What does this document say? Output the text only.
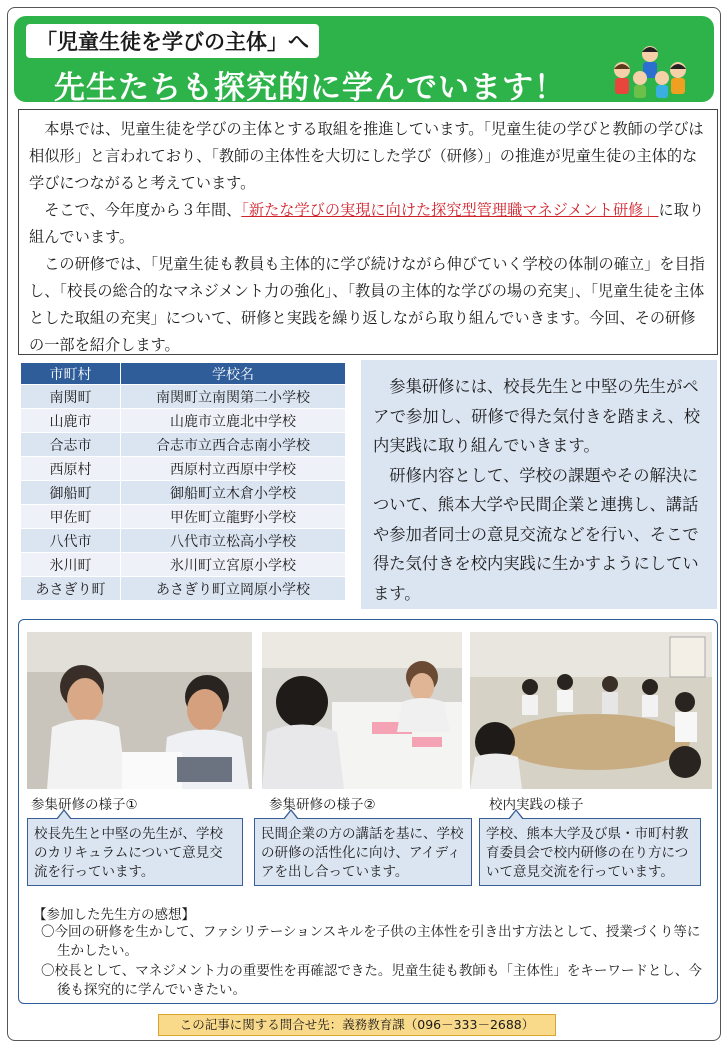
「児童生徒を学びの主体」へ
先生たちも探究的に学んでいます！

本県では、児童生徒を学びの主体とする取組を推進しています。「児童生徒の学びと教師の学びは相似形」と言われており、「教師の主体性を大切にした学び（研修）」の推進が児童生徒の主体的な学びにつながると考えています。

そこで、今年度から３年間、「新たな学びの実現に向けた探究型管理職マネジメント研修」に取り組んでいます。

この研修では、「児童生徒も教員も主体的に学び続けながら伸びていく学校の体制の確立」を目指し、「校長の総合的なマネジメント力の強化」、「教員の主体的な学びの場の充実」、「児童生徒を主体とした取組の充実」について、研修と実践を繰り返しながら取り組んでいきます。今回、その研修の一部を紹介します。

市町村	学校名
南関町	南関町立南関第二小学校
山鹿市	山鹿市立鹿北中学校
合志市	合志市立西合志南小学校
西原村	西原村立西原中学校
御船町	御船町立木倉小学校
甲佐町	甲佐町立龍野小学校
八代市	八代市立松高小学校
氷川町	氷川町立宮原小学校
あさぎり町	あさぎり町立岡原小学校

参集研修には、校長先生と中堅の先生がペアで参加し、研修で得た気付きを踏まえ、校内実践に取り組んでいきます。

研修内容として、学校の課題やその解決について、熊本大学や民間企業と連携し、講話や参加者同士の意見交流などを行い、そこで得た気付きを校内実践に生かすようにしています。

参集研修の様子①	参集研修の様子②	校内実践の様子
校長先生と中堅の先生が、学校のカリキュラムについて意見交流を行っています。
民間企業の方の講話を基に、学校の研修の活性化に向け、アイディアを出し合っています。
学校、熊本大学及び県・市町村教育委員会で校内研修の在り方について意見交流を行っています。
【参加した先生方の感想】
〇今回の研修を生かして、ファシリテーションスキルを子供の主体性を引き出す方法として、授業づくり等に生かしたい。
〇校長として、マネジメント力の重要性を再確認できた。児童生徒も教師も「主体性」をキーワードとし、今後も探究的に学んでいきたい。
この記事に関する問合せ先：義務教育課（096－333－2688）
